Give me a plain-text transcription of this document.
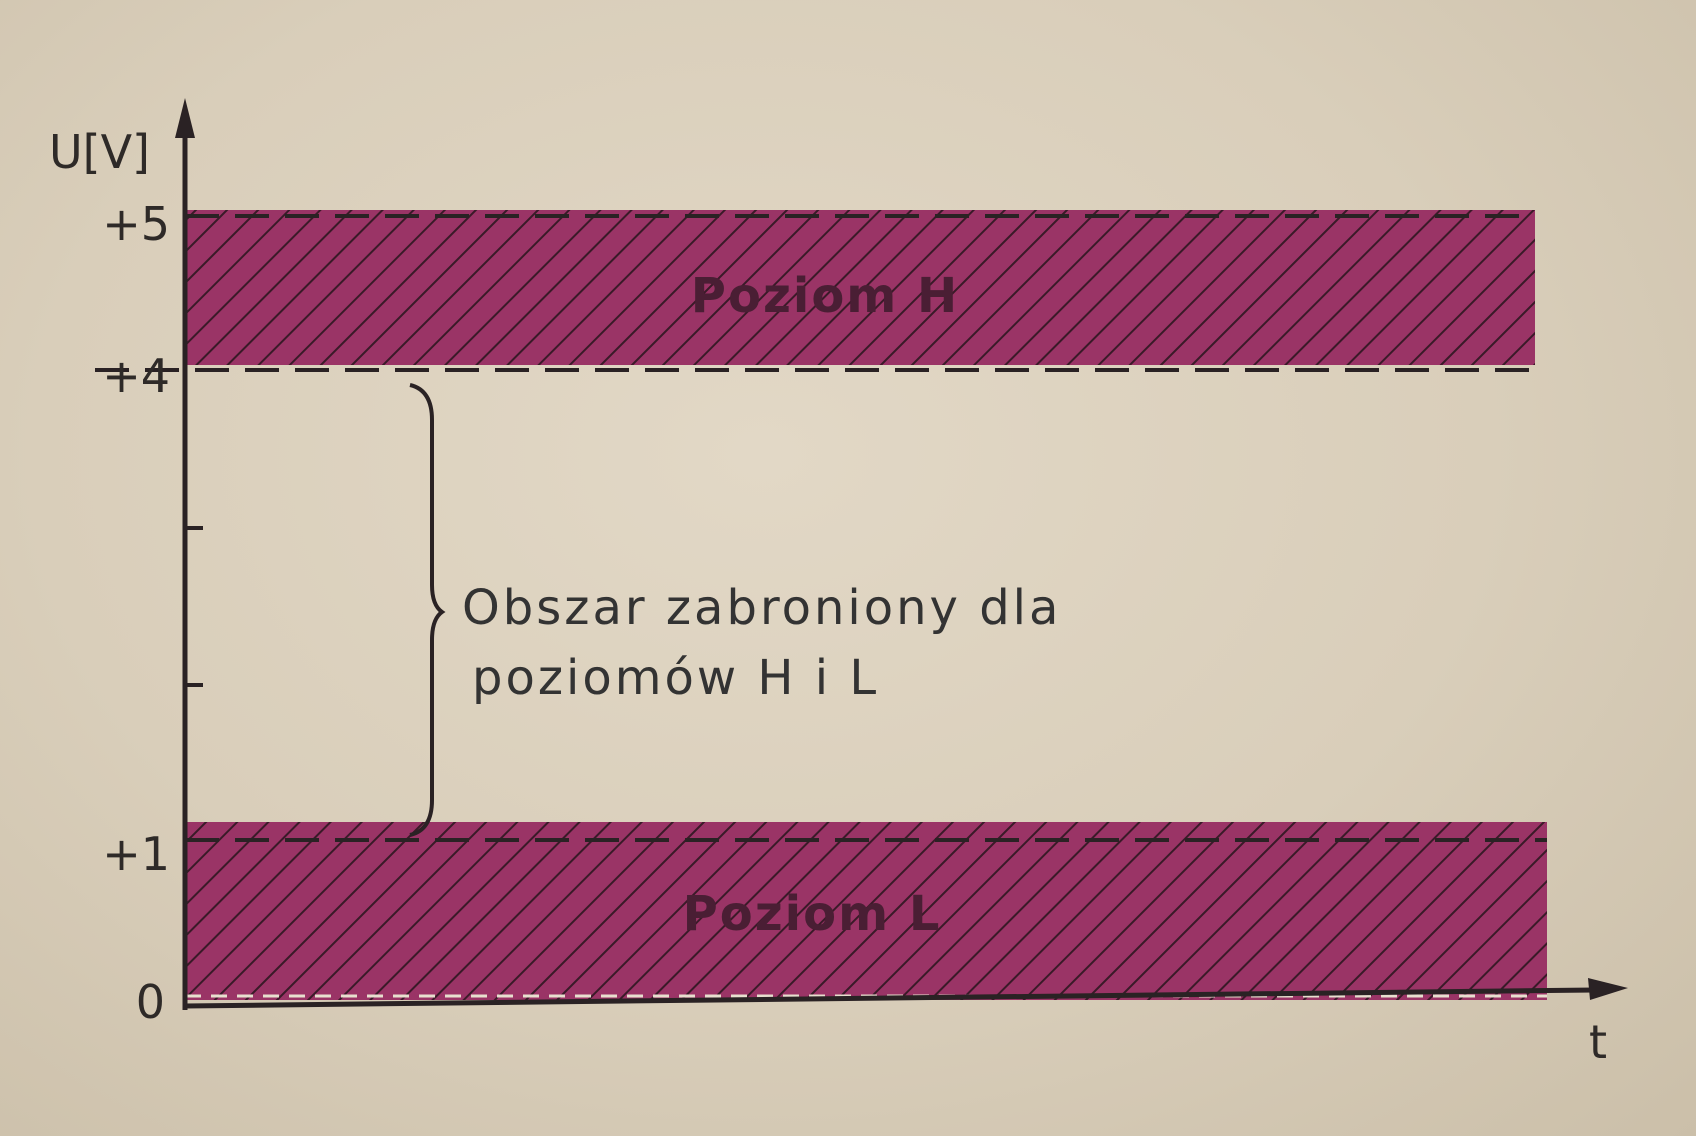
Poziom H
Poziom L
U[V]
+5
+4
+1
0
t
Obszar zabroniony dla
poziomów H i L
